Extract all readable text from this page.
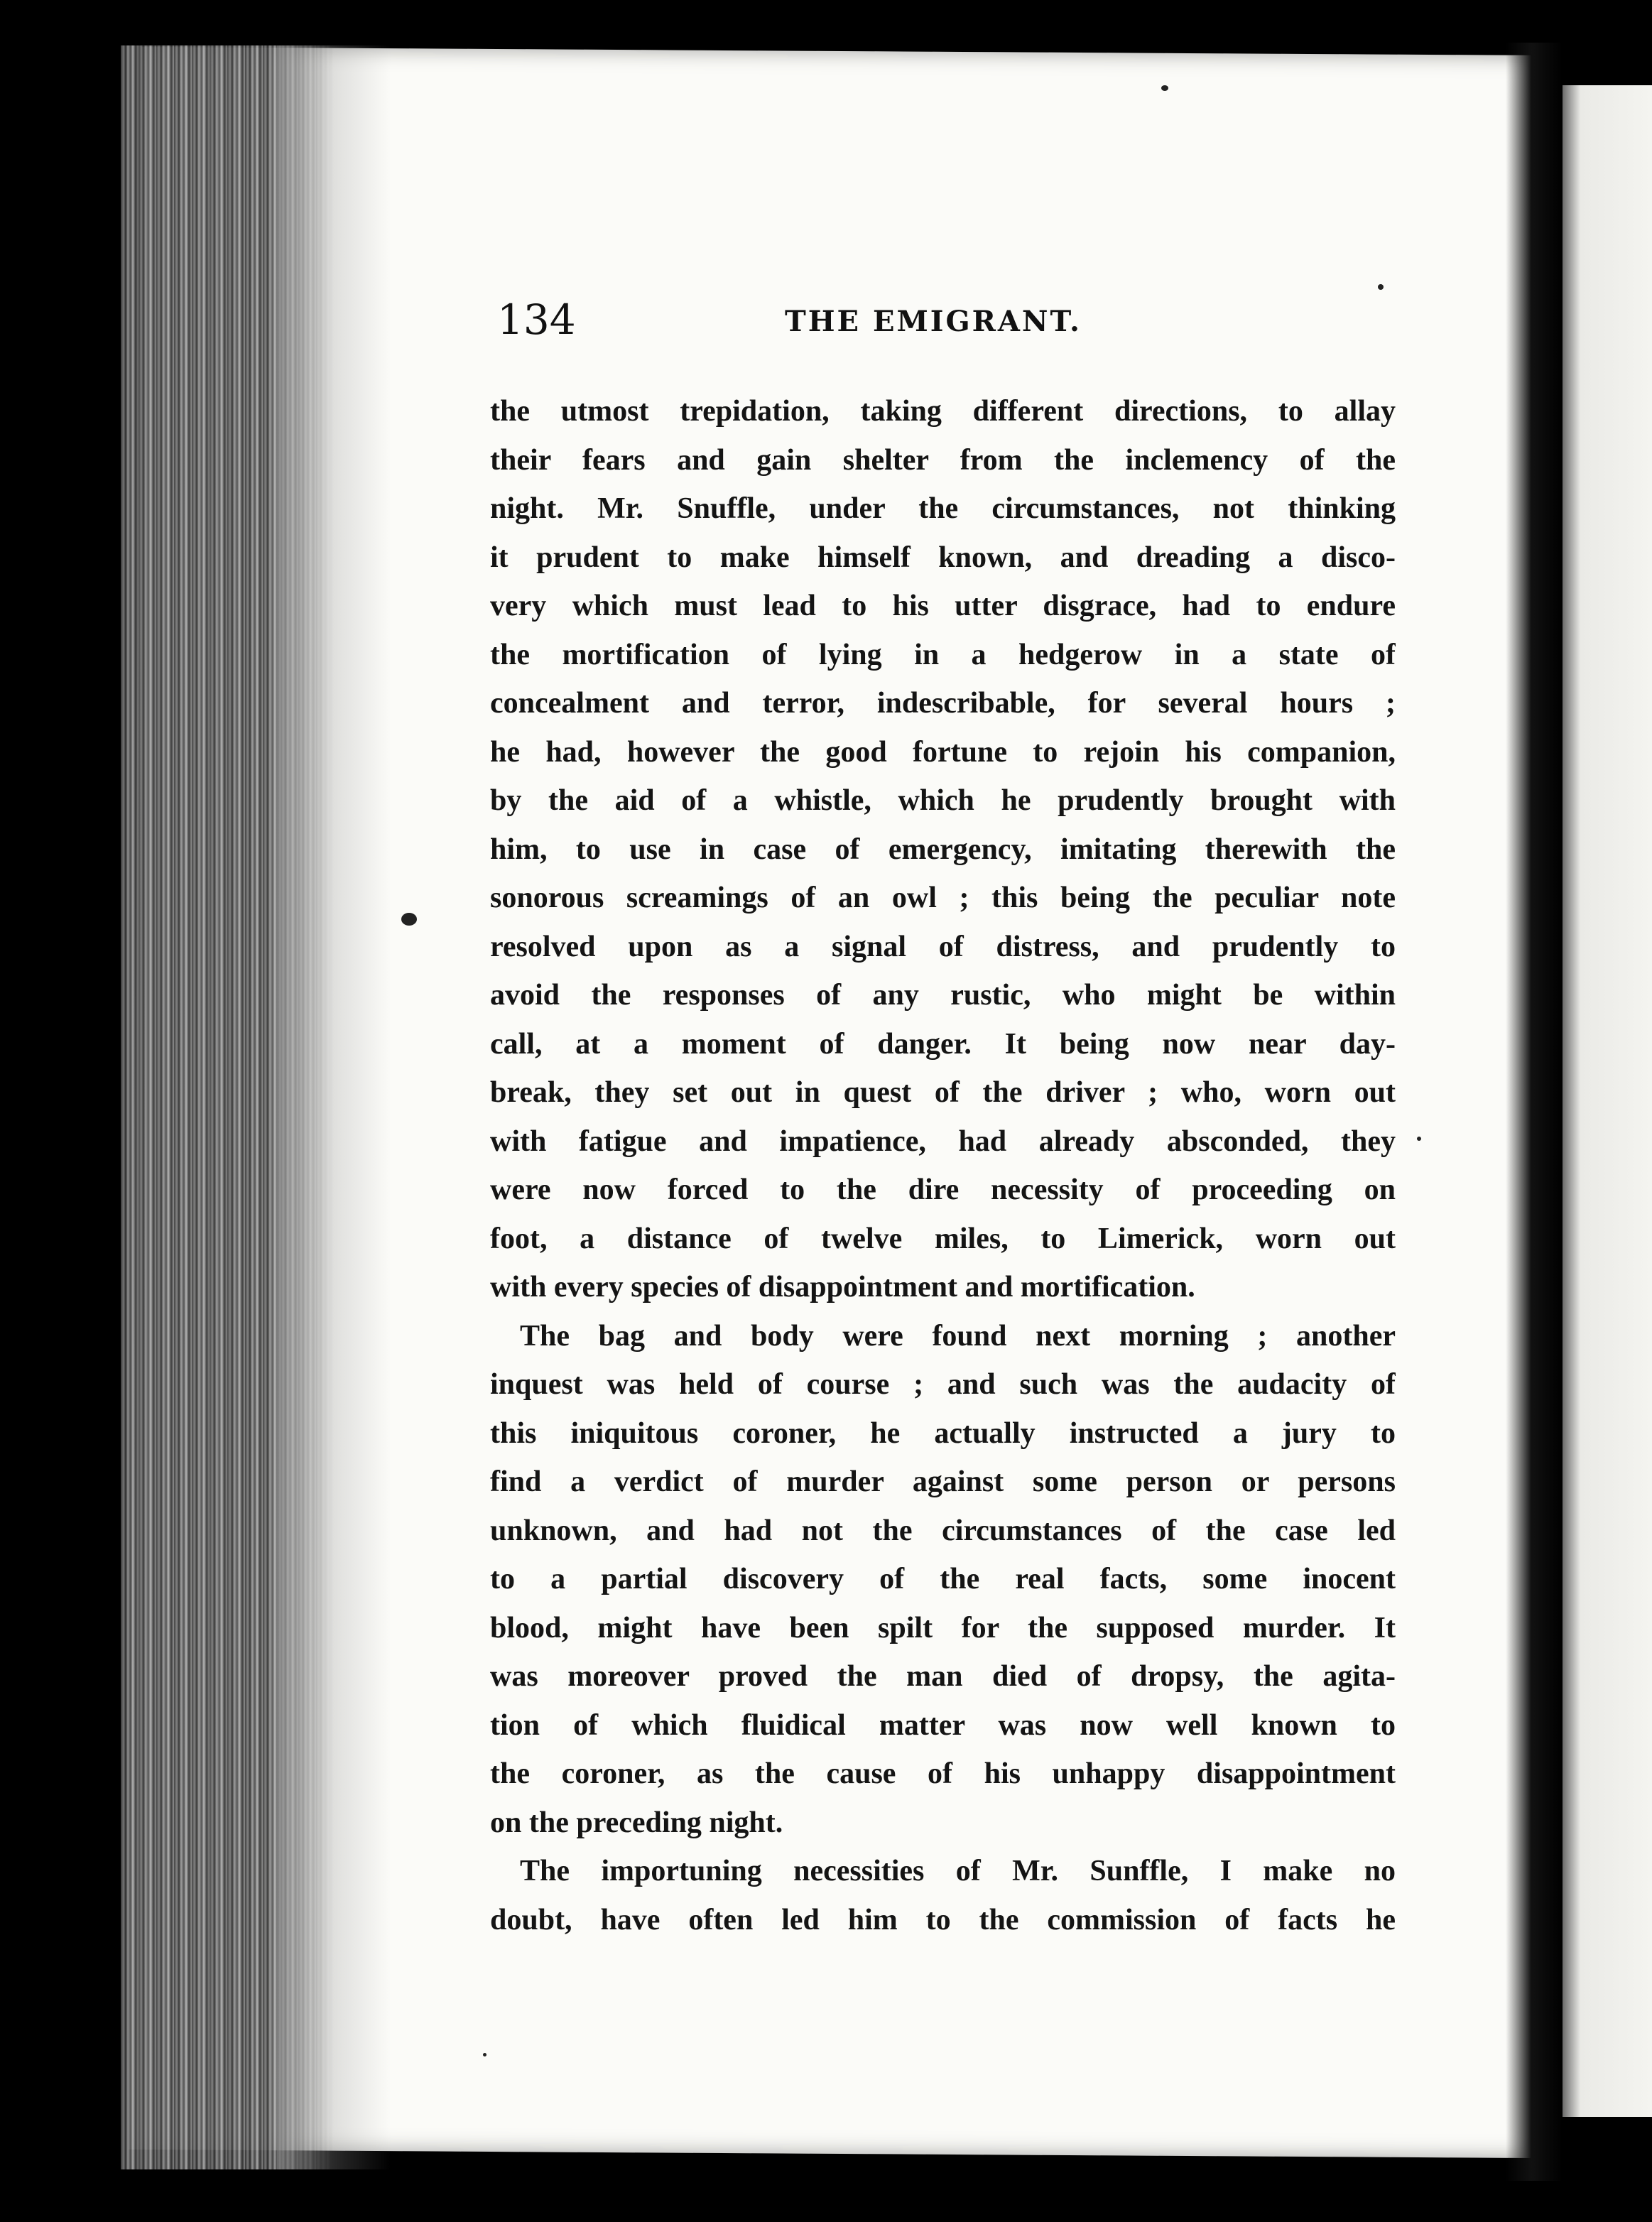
134	THE EMIGRANT.
the utmost trepidation, taking different directions, to allay
their fears and gain shelter from the inclemency of the
night. Mr. Snuffle, under the circumstances, not thinking
it prudent to make himself known, and dreading a disco-
very which must lead to his utter disgrace, had to endure
the mortification of lying in a hedgerow in a state of
concealment and terror, indescribable, for several hours ;
he had, however the good fortune to rejoin his companion,
by the aid of a whistle, which he prudently brought with
him, to use in case of emergency, imitating therewith the
sonorous screamings of an owl ; this being the peculiar note
resolved upon as a signal of distress, and prudently to
avoid the responses of any rustic, who might be within
call, at a moment of danger. It being now near day-
break, they set out in quest of the driver ; who, worn out
with fatigue and impatience, had already absconded, they
were now forced to the dire necessity of proceeding on
foot, a distance of twelve miles, to Limerick, worn out
with every species of disappointment and mortification.
The bag and body were found next morning ; another
inquest was held of course ; and such was the audacity of
this iniquitous coroner, he actually instructed a jury to
find a verdict of murder against some person or persons
unknown, and had not the circumstances of the case led
to a partial discovery of the real facts, some inocent
blood, might have been spilt for the supposed murder. It
was moreover proved the man died of dropsy, the agita-
tion of which fluidical matter was now well known to
the coroner, as the cause of his unhappy disappointment
on the preceding night.
The importuning necessities of Mr. Sunffle, I make no
doubt, have often led him to the commission of facts he
